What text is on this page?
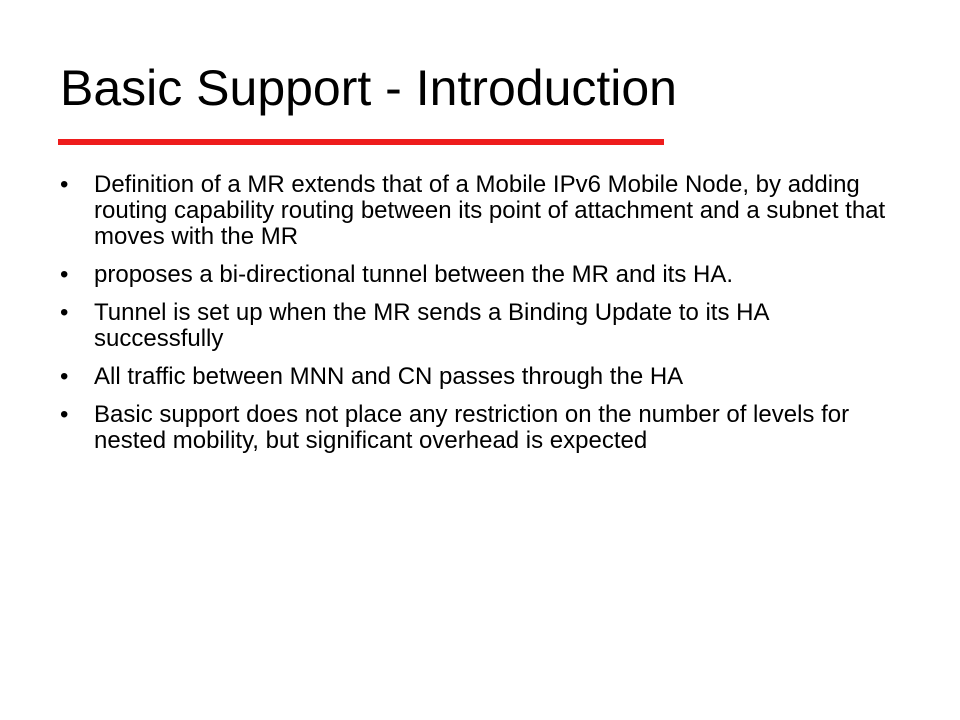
Basic Support - Introduction
•	Definition of a MR extends that of a Mobile IPv6 Mobile Node, by adding routing capability routing between its point of attachment and a subnet that moves with the MR
•	proposes a bi-directional tunnel between the MR and its HA.
•	Tunnel is set up when the MR sends a Binding Update to its HA successfully
•	All traffic between MNN and CN passes through the HA
•	Basic support does not place any restriction on the number of levels for nested mobility, but significant overhead is expected
